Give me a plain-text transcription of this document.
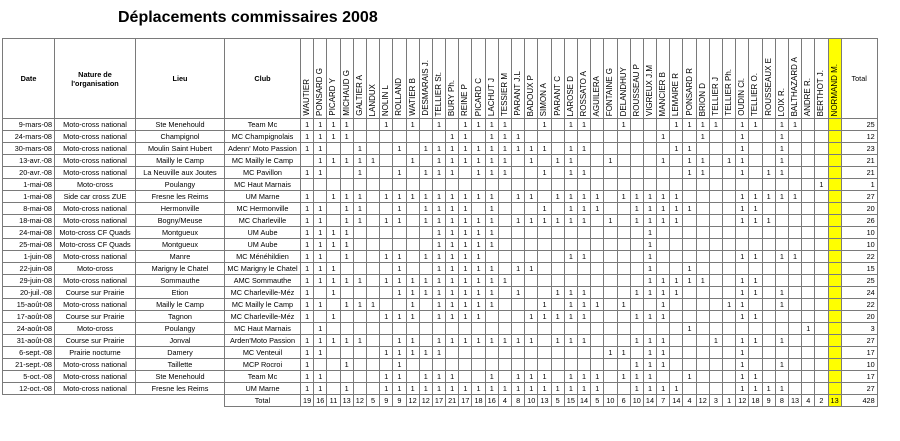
Déplacements commissaires 2008
Date	Nature de l'organisation	Lieu	Club	WAUTIER	PONSARD G	PICARD Y	MICHAUD G	GALTIER A	LANDUX	NOLIN L	ROLLAND	WATIER B	DESMARAIS J.	TELLIER St.	BURY Ph.	REINE P	PICARD C	LACHUT J	TESSIER M	PARANT J.L	BADOUX P	SIMON A	PARANT C	LAROSE D	ROSSATO A	AGUILERA	FONTAINE G	DELANDHUY	ROUSSEAU P	VIGREUX J.M	MANCIER B	LEMAIRE R	PONSARD R	BRION D	TELLIER J	TELLIER Ph.	OUDIN Cl.	TELLIER O.	ROUSSEAUX E	LOIX R.	BALTHAZARD A	ANDRE R.	BERTHOT J.	NORMAND M.	Total
9-mars-08	Moto-cross national	Ste Menehould	Team Mc	1	1	1	1			1		1		1		1	1	1	1			1		1	1			1				1	1	1	1		1	1		1	1				25
24-mars-08	Moto-cross national	Champignol	MC Champignolais	1	1	1	1								1	1		1	1	1											1			1			1			1					12
30-mars-08	Moto-cross national	Moulin Saint Hubert	Adenn' Moto Passion	1	1			1			1		1	1	1	1	1	1	1	1	1	1		1	1							1	1				1			1					23
13-avr.-08	Moto-cross national	Mailly le Camp	MC Mailly le Camp		1	1	1	1	1			1		1	1	1	1	1	1		1		1	1			1				1		1	1		1	1			1					21
20-avr.-08	Moto-cross national	La Neuville aux Joutes	MC Pavillon	1	1			1			1		1	1	1		1	1	1			1		1	1								1	1			1		1	1					21
1-mai-08	Moto-cross	Poulangy	MC Haut Marnais																																								1		1
1-mai-08	Side car cross ZUE	Fresne les Reims	UM Marne	1		1	1	1		1	1	1	1	1	1	1	1	1		1	1		1	1	1	1		1	1	1	1	1					1	1	1	1	1				27
8-mai-08	Moto-cross national	Hermonville	MC Hermonville	1	1		1	1			1		1	1	1	1		1				1		1	1	1			1	1	1	1	1				1	1							20
18-mai-08	Moto-cross national	Bogny/Meuse	MC Charleville	1	1		1	1		1	1		1	1	1	1	1	1		1	1	1	1	1	1		1		1	1	1	1					1	1	1						26
24-mai-08	Moto-cross CF Quads	Montgueux	UM Aube	1	1	1	1							1	1	1	1	1												1															10
25-mai-08	Moto-cross CF Quads	Montgueux	UM Aube	1	1	1	1							1	1	1	1	1												1															10
1-juin-08	Moto-cross national	Manre	MC Ménéhildien	1	1		1			1	1		1	1	1	1	1							1	1					1							1	1		1	1				22
22-juin-08	Moto-cross	Marigny le Chatel	MC Marigny le Chatel	1	1	1					1			1	1	1	1	1		1	1									1			1												15
29-juin-08	Moto-cross national	Sommauthe	AMC Sommauthe	1	1	1	1	1		1	1	1	1	1	1	1	1	1	1											1	1	1	1	1			1	1							25
20-juil.-08	Course sur Prairie	Etion	MC Charleville-Méz	1		1					1	1	1	1	1	1	1	1		1			1	1	1				1	1	1	1					1	1		1					24
15-août-08	Moto-cross national	Mailly le Camp	MC Mailly le Camp	1	1		1	1	1			1		1	1	1	1	1				1		1	1	1		1			1					1	1			1					22
17-août-08	Course sur Prairie	Tagnon	MC Charleville-Méz	1		1				1	1	1		1	1	1	1				1	1	1	1	1				1	1	1						1	1							20
24-août-08	Moto-cross	Poulangy	MC Haut Marnais		1																												1									1			3
31-août-08	Course sur Prairie	Jonval	Arden'Moto Passion	1	1	1	1	1			1	1		1	1	1	1	1	1	1	1		1	1	1				1	1	1				1		1	1		1					27
6-sept.-08	Prairie nocturne	Damery	MC Venteuil	1	1					1	1	1	1	1													1	1		1	1						1								17
21-sept.-08	Moto-cross national	Taillette	MCP Rocroi	1			1				1																		1	1	1						1			1					10
5-oct.-08	Moto-cross national	Ste Menehould	Team Mc	1	1					1	1		1	1	1			1		1	1	1		1	1	1		1	1	1			1				1	1							17
12-oct.-08	Moto-cross national	Fresne les Reims	UM Marne	1	1		1			1	1	1	1	1	1	1	1	1	1	1	1	1	1	1	1	1			1	1	1	1					1	1	1	1					27
			Total	19	16	11	13	12	5	9	9	12	12	17	21	17	18	16	4	8	10	13	5	15	14	5	10	6	10	14	7	14	4	12	3	1	12	18	9	8	13	4	2	13	428
